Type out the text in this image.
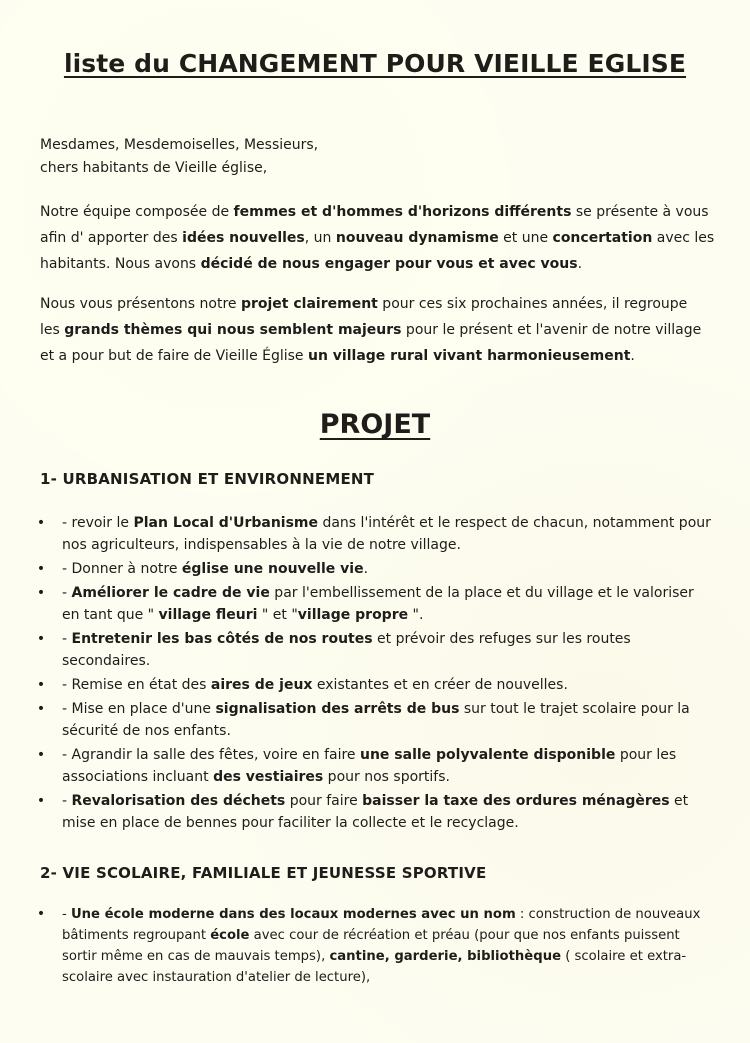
liste du CHANGEMENT POUR VIEILLE EGLISE

Mesdames, Mesdemoiselles, Messieurs,
chers habitants de Vieille église,

Notre équipe composée de femmes et d'hommes d'horizons différents se présente à vous afin d' apporter des idées nouvelles, un nouveau dynamisme et une concertation avec les habitants. Nous avons décidé de nous engager pour vous et avec vous.

Nous vous présentons notre projet clairement pour ces six prochaines années, il regroupe les grands thèmes qui nous semblent majeurs pour le présent et l'avenir de notre village et a pour but de faire de Vieille Église un village rural vivant harmonieusement.

PROJET
1- URBANISATION ET ENVIRONNEMENT
• - revoir le Plan Local d'Urbanisme dans l'intérêt et le respect de chacun, notamment pour nos agriculteurs, indispensables à la vie de notre village.
• - Donner à notre église une nouvelle vie.
• - Améliorer le cadre de vie par l'embellissement de la place et du village et le valoriser en tant que " village fleuri " et "village propre ".
• - Entretenir les bas côtés de nos routes et prévoir des refuges sur les routes secondaires.
• - Remise en état des aires de jeux existantes et en créer de nouvelles.
• - Mise en place d'une signalisation des arrêts de bus sur tout le trajet scolaire pour la sécurité de nos enfants.
• - Agrandir la salle des fêtes, voire en faire une salle polyvalente disponible pour les associations incluant des vestiaires pour nos sportifs.
• - Revalorisation des déchets pour faire baisser la taxe des ordures ménagères et mise en place de bennes pour faciliter la collecte et le recyclage.
2- VIE SCOLAIRE, FAMILIALE ET JEUNESSE SPORTIVE
• - Une école moderne dans des locaux modernes avec un nom : construction de nouveaux bâtiments regroupant école avec cour de récréation et préau (pour que nos enfants puissent sortir même en cas de mauvais temps), cantine, garderie, bibliothèque ( scolaire et extra-scolaire avec instauration d'atelier de lecture),
